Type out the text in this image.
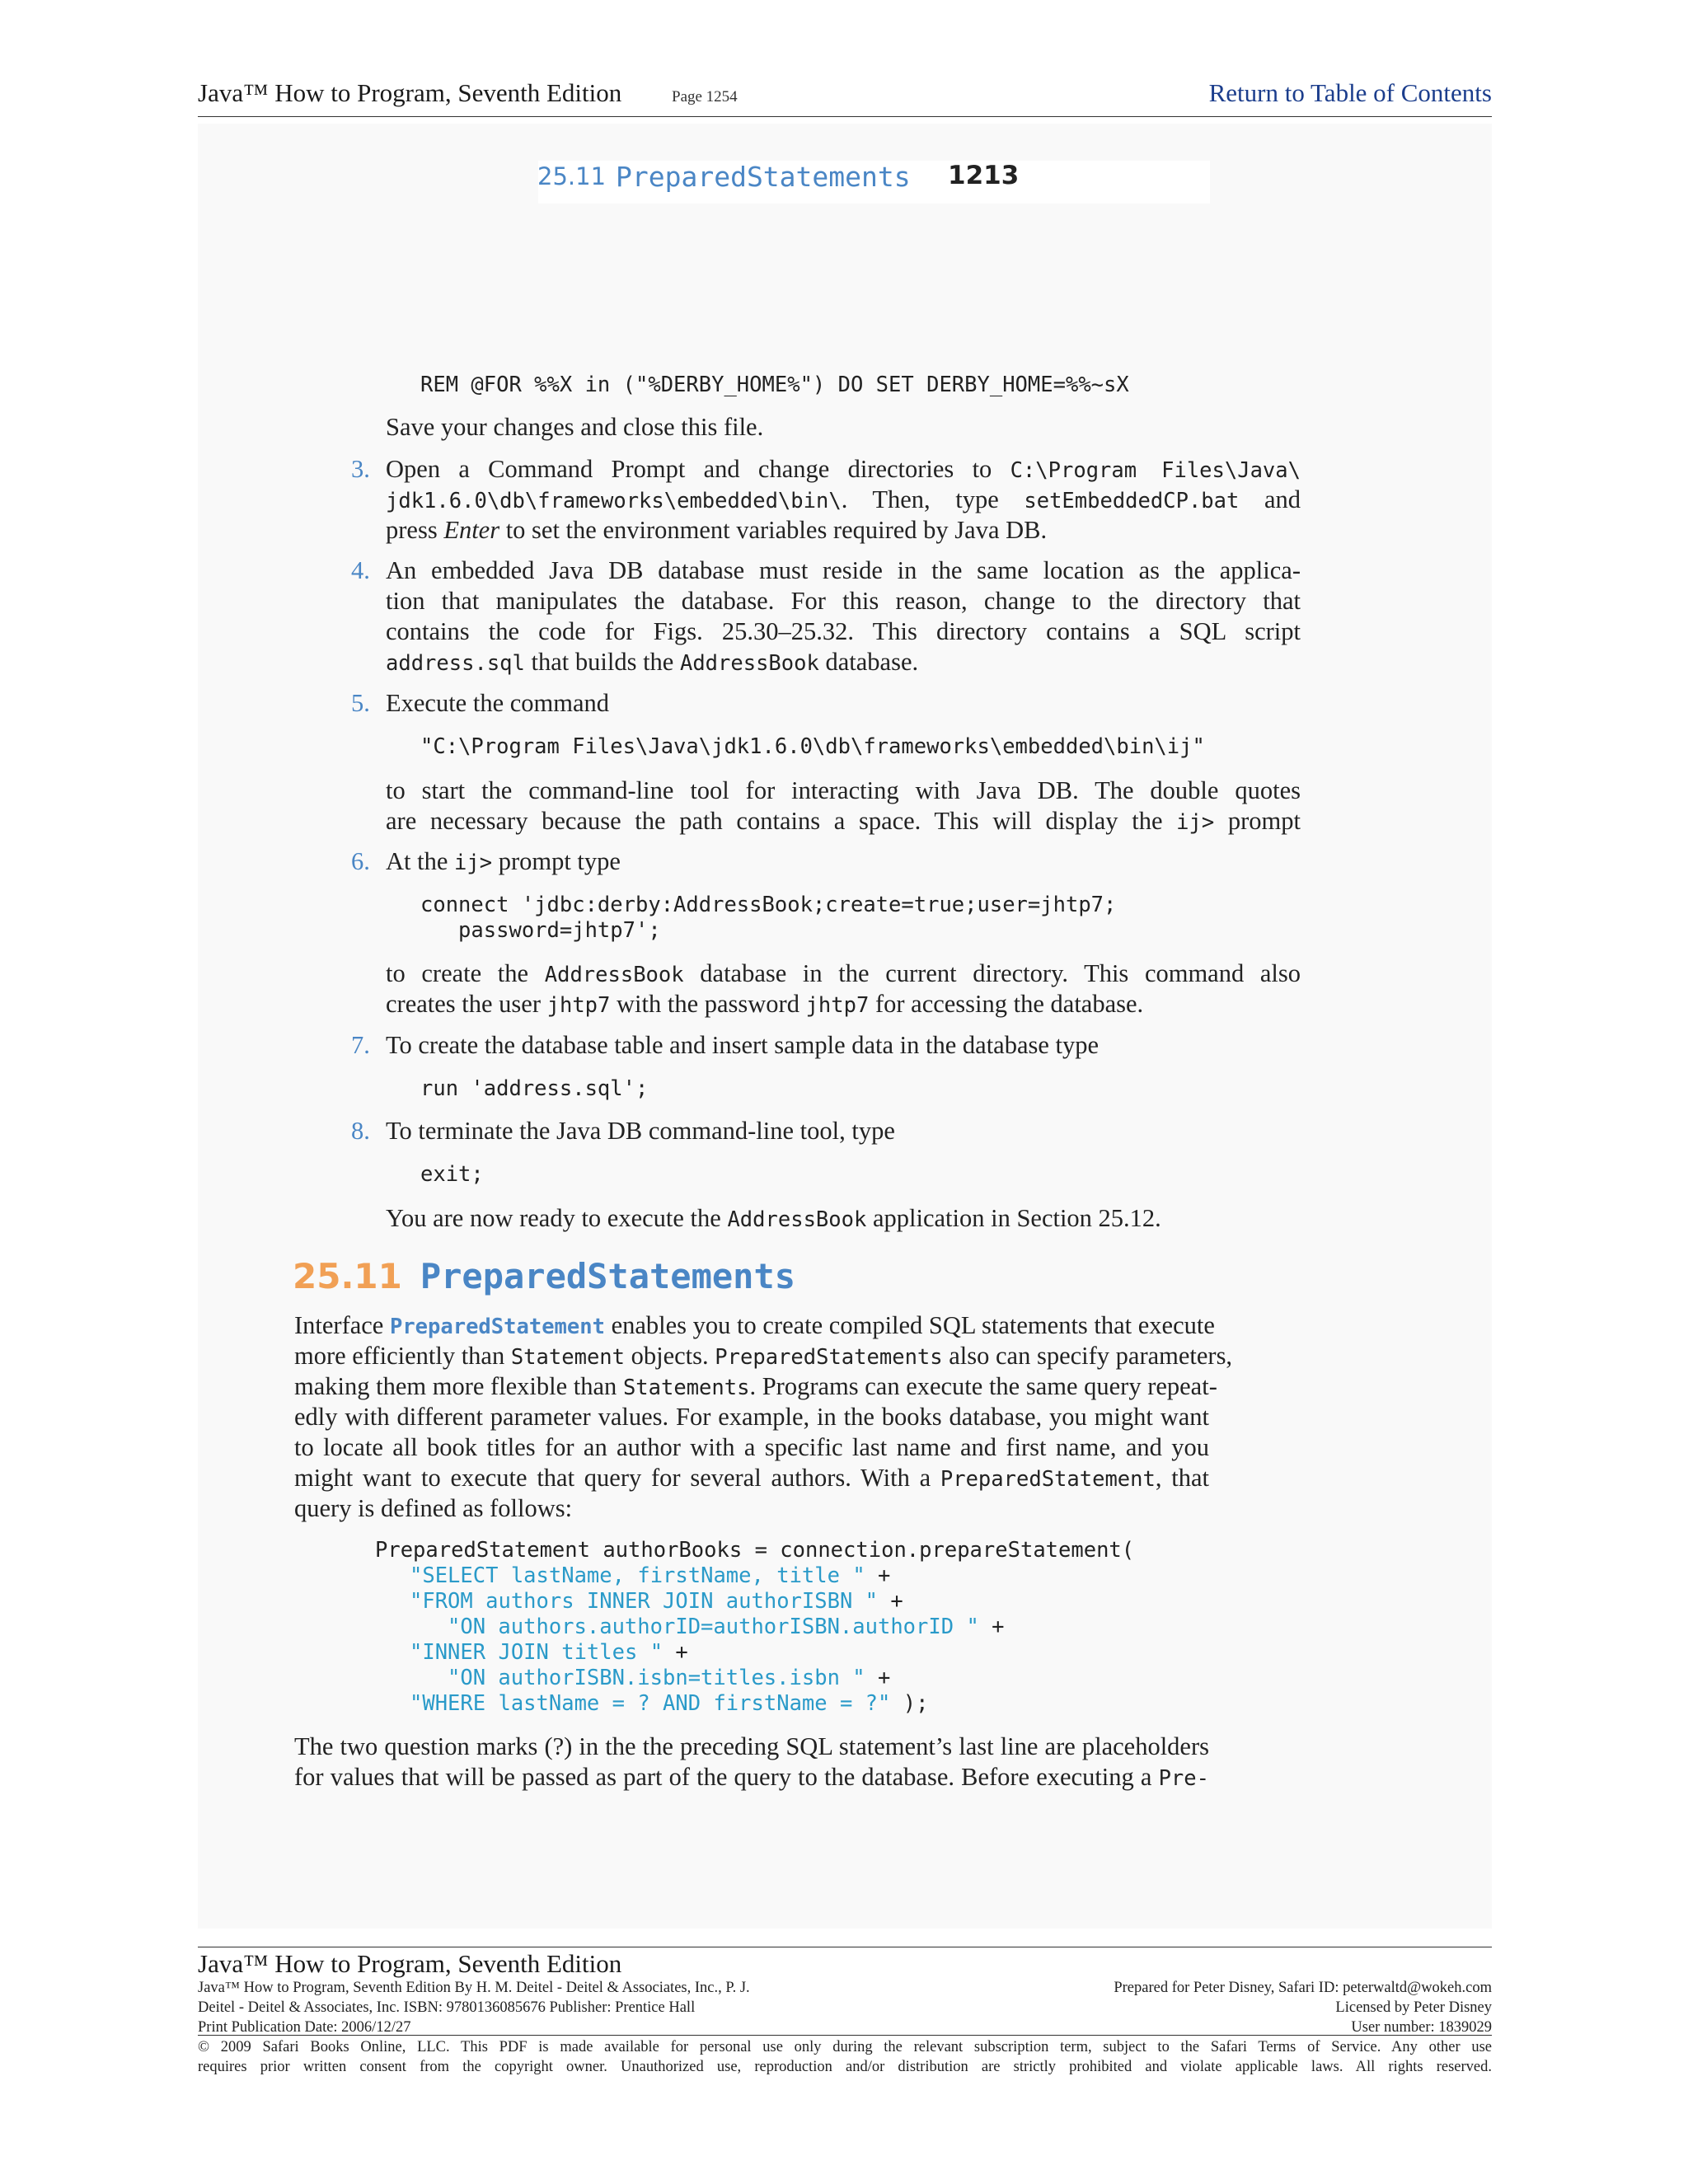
Java™ How to Program, Seventh Edition	Page 1254	Return to Table of Contents
25.11 PreparedStatements 1213
REM @FOR %%X in ("%DERBY_HOME%") DO SET DERBY_HOME=%%~sX
Save your changes and close this file.
3. Open a Command Prompt and change directories to C:\Program Files\Java\
jdk1.6.0\db\frameworks\embedded\bin\. Then, type setEmbeddedCP.bat and
press Enter to set the environment variables required by Java DB.
4. An embedded Java DB database must reside in the same location as the applica-
tion that manipulates the database. For this reason, change to the directory that
contains the code for Figs. 25.30–25.32. This directory contains a SQL script
address.sql that builds the AddressBook database.
5. Execute the command
"C:\Program Files\Java\jdk1.6.0\db\frameworks\embedded\bin\ij"
to start the command-line tool for interacting with Java DB. The double quotes
are necessary because the path contains a space. This will display the ij> prompt
6. At the ij> prompt type
connect 'jdbc:derby:AddressBook;create=true;user=jhtp7;
password=jhtp7';
to create the AddressBook database in the current directory. This command also
creates the user jhtp7 with the password jhtp7 for accessing the database.
7. To create the database table and insert sample data in the database type
run 'address.sql';
8. To terminate the Java DB command-line tool, type
exit;
You are now ready to execute the AddressBook application in Section 25.12.
25.11 PreparedStatements
Interface PreparedStatement enables you to create compiled SQL statements that execute
more efficiently than Statement objects. PreparedStatements also can specify parameters,
making them more flexible than Statements. Programs can execute the same query repeat-
edly with different parameter values. For example, in the books database, you might want
to locate all book titles for an author with a specific last name and first name, and you
might want to execute that query for several authors. With a PreparedStatement, that
query is defined as follows:
PreparedStatement authorBooks = connection.prepareStatement(
"SELECT lastName, firstName, title " +
"FROM authors INNER JOIN authorISBN " +
"ON authors.authorID=authorISBN.authorID " +
"INNER JOIN titles " +
"ON authorISBN.isbn=titles.isbn " +
"WHERE lastName = ? AND firstName = ?" );
The two question marks (?) in the the preceding SQL statement’s last line are placeholders
for values that will be passed as part of the query to the database. Before executing a Pre-
Java™ How to Program, Seventh Edition
Java™ How to Program, Seventh Edition By H. M. Deitel - Deitel & Associates, Inc., P. J.
Deitel - Deitel & Associates, Inc. ISBN: 9780136085676 Publisher: Prentice Hall
Print Publication Date: 2006/12/27
Prepared for Peter Disney, Safari ID: peterwaltd@wokeh.com
Licensed by Peter Disney
User number: 1839029
© 2009 Safari Books Online, LLC. This PDF is made available for personal use only during the relevant subscription term, subject to the Safari Terms of Service. Any other use
requires prior written consent from the copyright owner. Unauthorized use, reproduction and/or distribution are strictly prohibited and violate applicable laws. All rights reserved.
